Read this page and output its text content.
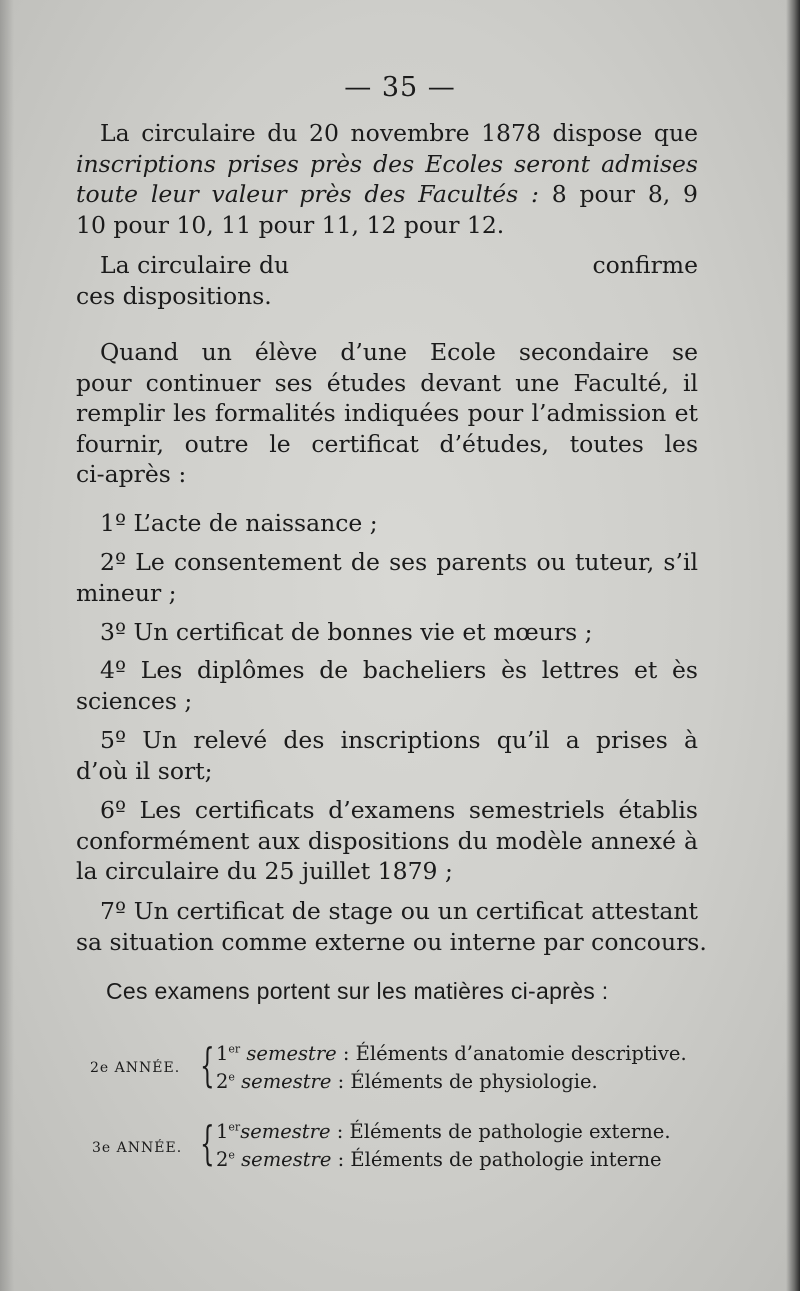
— 35 —
La circulaire du 20 novembre 1878 dispose que
inscriptions prises près des Ecoles seront admises
toute leur valeur près des Facultés : 8 pour 8, 9
10 pour 10, 11 pour 11, 12 pour 12.
La circulaire du	confirme
ces dispositions.
Quand un élève d’une Ecole secondaire se
pour continuer ses études devant une Faculté, il
remplir les formalités indiquées pour l’admission et
fournir, outre le certificat d’études, toutes les
ci-après :
1º L’acte de naissance ;
2º Le consentement de ses parents ou tuteur, s’il
mineur ;
3º Un certificat de bonnes vie et mœurs ;
4º Les diplômes de bacheliers ès lettres et ès
sciences ;
5º Un relevé des inscriptions qu’il a prises à
d’où il sort;
6º Les certificats d’examens semestriels établis
conformément aux dispositions du modèle annexé à
la circulaire du 25 juillet 1879 ;
7º Un certificat de stage ou un certificat attestant
sa situation comme externe ou interne par concours.
Ces examens portent sur les matières ci-après :
2e ANNÉE. { 1er semestre : Éléments d’anatomie descriptive.
2e semestre : Éléments de physiologie.
3e ANNÉE. { 1ersemestre : Éléments de pathologie externe.
2e semestre : Éléments de pathologie interne
